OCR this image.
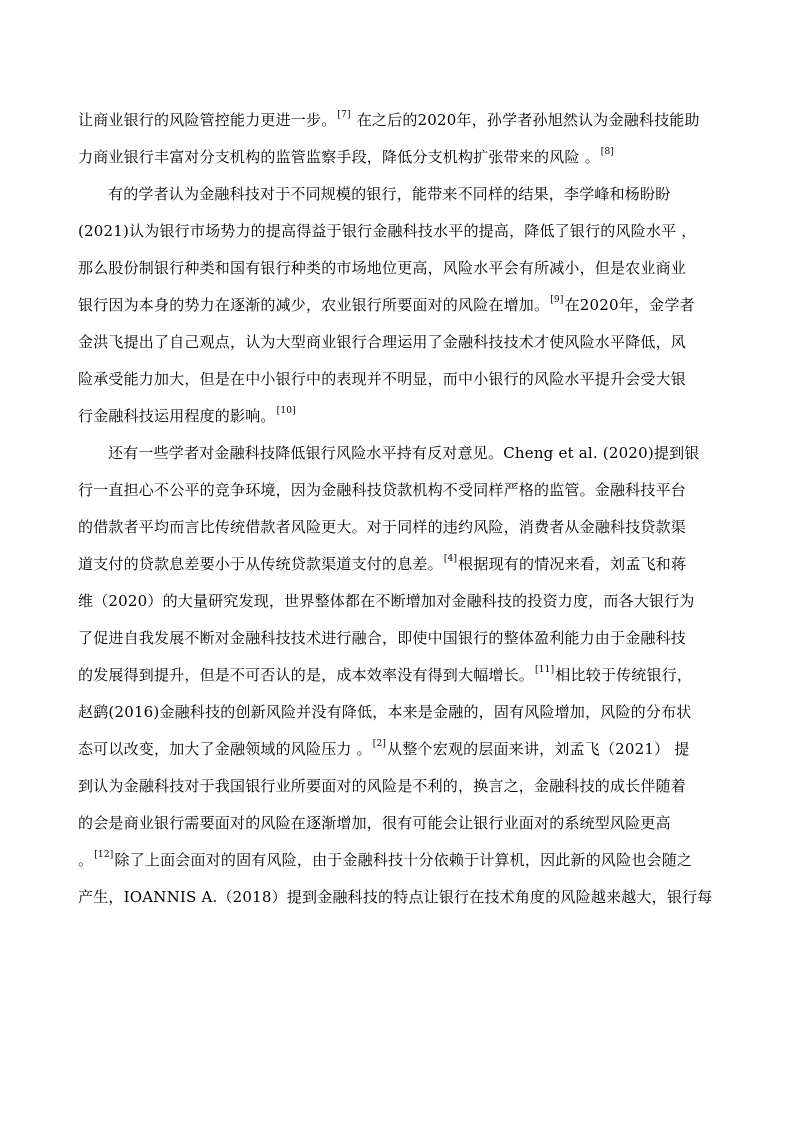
让商业银行的风险管控能力更进一步。[7] 在之后的2020年，孙学者孙旭然认为金融科技能助
力商业银行丰富对分支机构的监管监察手段，降低分支机构扩张带来的风险 。[8]
有的学者认为金融科技对于不同规模的银行，能带来不同样的结果，李学峰和杨盼盼
(2021)认为银行市场势力的提高得益于银行金融科技水平的提高，降低了银行的风险水平 ，
那么股份制银行种类和国有银行种类的市场地位更高，风险水平会有所减小，但是农业商业
银行因为本身的势力在逐渐的减少，农业银行所要面对的风险在增加。[9]在2020年，金学者
金洪飞提出了自己观点，认为大型商业银行合理运用了金融科技技术才使风险水平降低，风
险承受能力加大，但是在中小银行中的表现并不明显，而中小银行的风险水平提升会受大银
行金融科技运用程度的影响。[10]
还有一些学者对金融科技降低银行风险水平持有反对意见。Cheng et al. (2020)提到银
行一直担心不公平的竞争环境，因为金融科技贷款机构不受同样严格的监管。金融科技平台
的借款者平均而言比传统借款者风险更大。对于同样的违约风险，消费者从金融科技贷款渠
道支付的贷款息差要小于从传统贷款渠道支付的息差。[4]根据现有的情况来看，刘孟飞和蒋
维（2020）的大量研究发现，世界整体都在不断增加对金融科技的投资力度，而各大银行为
了促进自我发展不断对金融科技技术进行融合，即使中国银行的整体盈利能力由于金融科技
的发展得到提升，但是不可否认的是，成本效率没有得到大幅增长。[11]相比较于传统银行，
赵鹞(2016)金融科技的创新风险并没有降低，本来是金融的，固有风险增加，风险的分布状
态可以改变，加大了金融领域的风险压力 。[2]从整个宏观的层面来讲，刘孟飞（2021） 提
到认为金融科技对于我国银行业所要面对的风险是不利的，换言之，金融科技的成长伴随着
的会是商业银行需要面对的风险在逐渐增加，很有可能会让银行业面对的系统型风险更高
。[12]除了上面会面对的固有风险，由于金融科技十分依赖于计算机，因此新的风险也会随之
产生，IOANNIS A.（2018）提到金融科技的特点让银行在技术角度的风险越来越大，银行每
